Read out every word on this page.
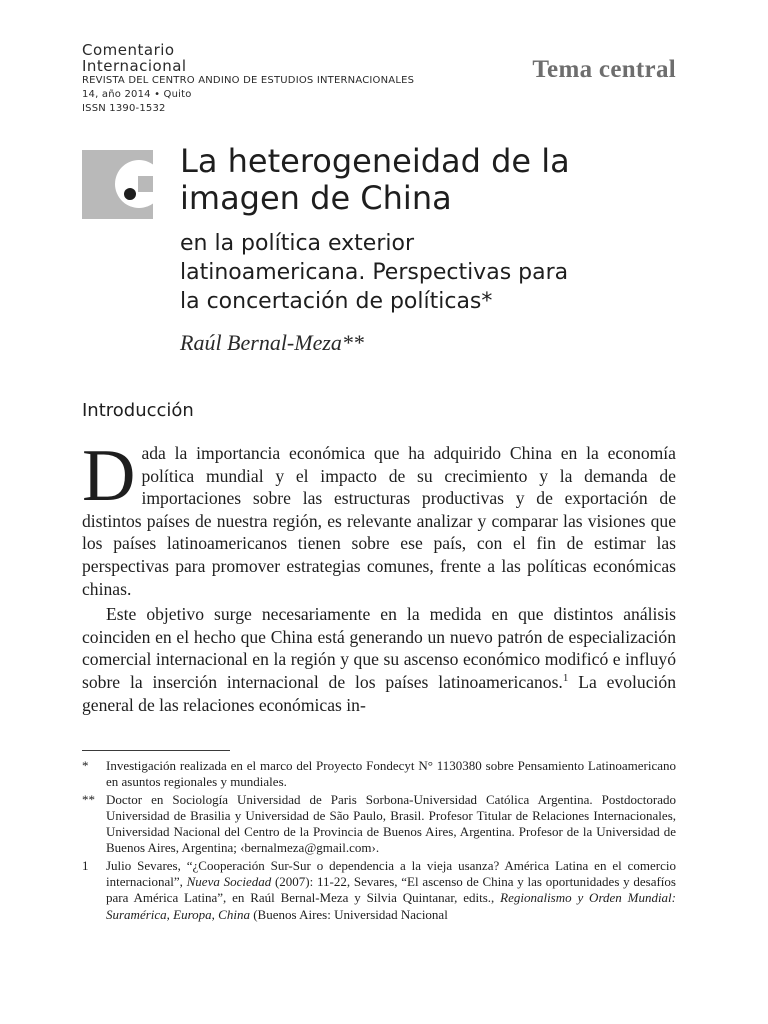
Comentario
Internacional
REVISTA DEL CENTRO ANDINO DE ESTUDIOS INTERNACIONALES
14, año 2014 • Quito
ISSN 1390-1532
Tema central
La heterogeneidad de la
imagen de China
en la política exterior
latinoamericana. Perspectivas para
la concertación de políticas*
Raúl Bernal-Meza**
Introducción

Dada la importancia económica que ha adquirido China en la economía política mundial y el impacto de su crecimiento y la demanda de importaciones sobre las estructuras productivas y de exportación de distintos países de nuestra región, es relevante analizar y comparar las visiones que los países latinoamericanos tienen sobre ese país, con el fin de estimar las perspectivas para promover estrategias comunes, frente a las políticas económicas chinas.

Este objetivo surge necesariamente en la medida en que distintos análisis coinciden en el hecho que China está generando un nuevo patrón de especialización comercial internacional en la región y que su ascenso económico modificó e influyó sobre la inserción internacional de los países latinoamericanos.$^1$ La evolución general de las relaciones económicas in-

*	Investigación realizada en el marco del Proyecto Fondecyt N° 1130380 sobre Pensamiento Latinoamericano en asuntos regionales y mundiales.
** Doctor en Sociología Universidad de Paris Sorbona-Universidad Católica Argentina. Postdoctorado Universidad de Brasilia y Universidad de São Paulo, Brasil. Profesor Titular de Relaciones Internacionales, Universidad Nacional del Centro de la Provincia de Buenos Aires, Argentina. Profesor de la Universidad de Buenos Aires, Argentina; ‹bernalmeza@gmail.com›.
1	Julio Sevares, “¿Cooperación Sur-Sur o dependencia a la vieja usanza? América Latina en el comercio internacional”, Nueva Sociedad (2007): 11-22, Sevares, “El ascenso de China y las oportunidades y desafíos para América Latina”, en Raúl Bernal-Meza y Silvia Quintanar, edits., Regionalismo y Orden Mundial: Suramérica, Europa, China (Buenos Aires: Universidad Nacional
